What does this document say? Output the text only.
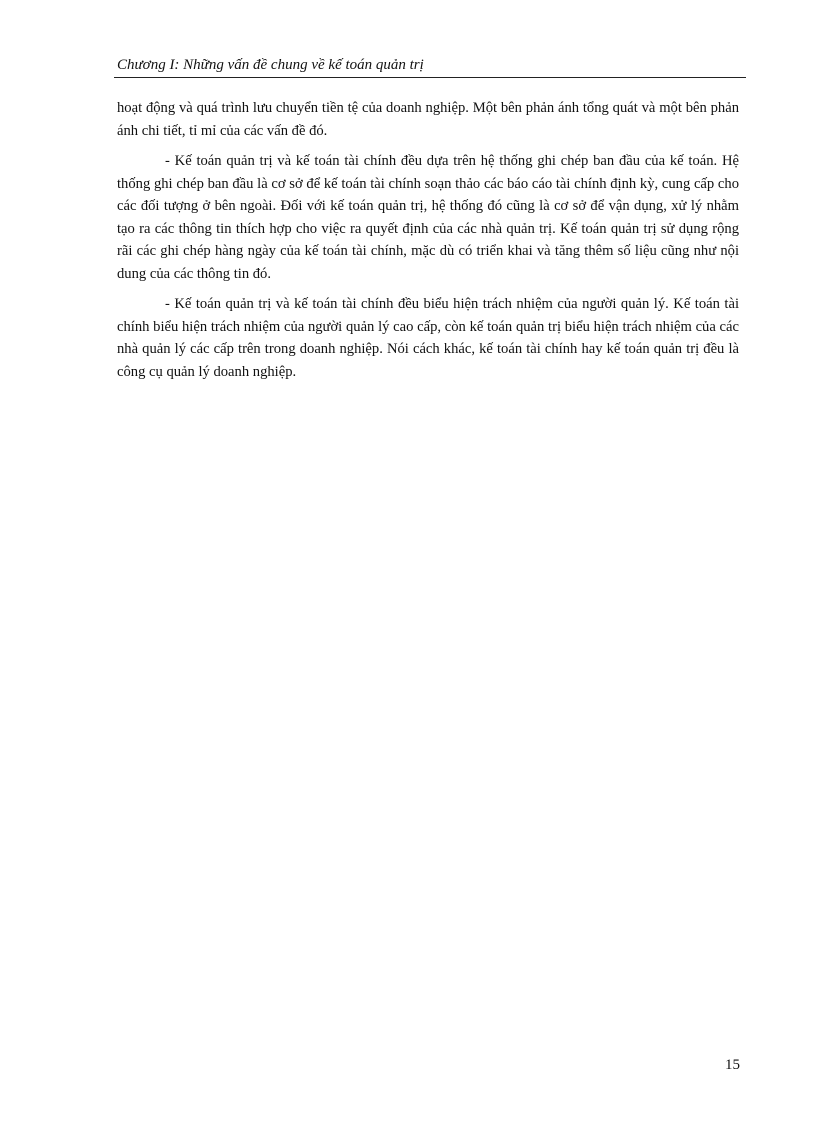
Chương I: Những vấn đề chung về kế toán quản trị

hoạt động và quá trình lưu chuyển tiền tệ của doanh nghiệp. Một bên phản ánh tổng quát và một bên phản ánh chi tiết, tỉ mỉ của các vấn đề đó.

- Kế toán quản trị và kế toán tài chính đều dựa trên hệ thống ghi chép ban đầu của kế toán. Hệ thống ghi chép ban đầu là cơ sở để kế toán tài chính soạn thảo các báo cáo tài chính định kỳ, cung cấp cho các đối tượng ở bên ngoài. Đối với kế toán quản trị, hệ thống đó cũng là cơ sở để vận dụng, xử lý nhằm tạo ra các thông tin thích hợp cho việc ra quyết định của các nhà quản trị. Kế toán quản trị sử dụng rộng rãi các ghi chép hàng ngày của kế toán tài chính, mặc dù có triển khai và tăng thêm số liệu cũng như nội dung của các thông tin đó.

- Kế toán quản trị và kế toán tài chính đều biểu hiện trách nhiệm của người quản lý. Kế toán tài chính biểu hiện trách nhiệm của người quản lý cao cấp, còn kế toán quản trị biểu hiện trách nhiệm của các nhà quản lý các cấp trên trong doanh nghiệp. Nói cách khác, kế toán tài chính hay kế toán quản trị đều là công cụ quản lý doanh nghiệp.

15
